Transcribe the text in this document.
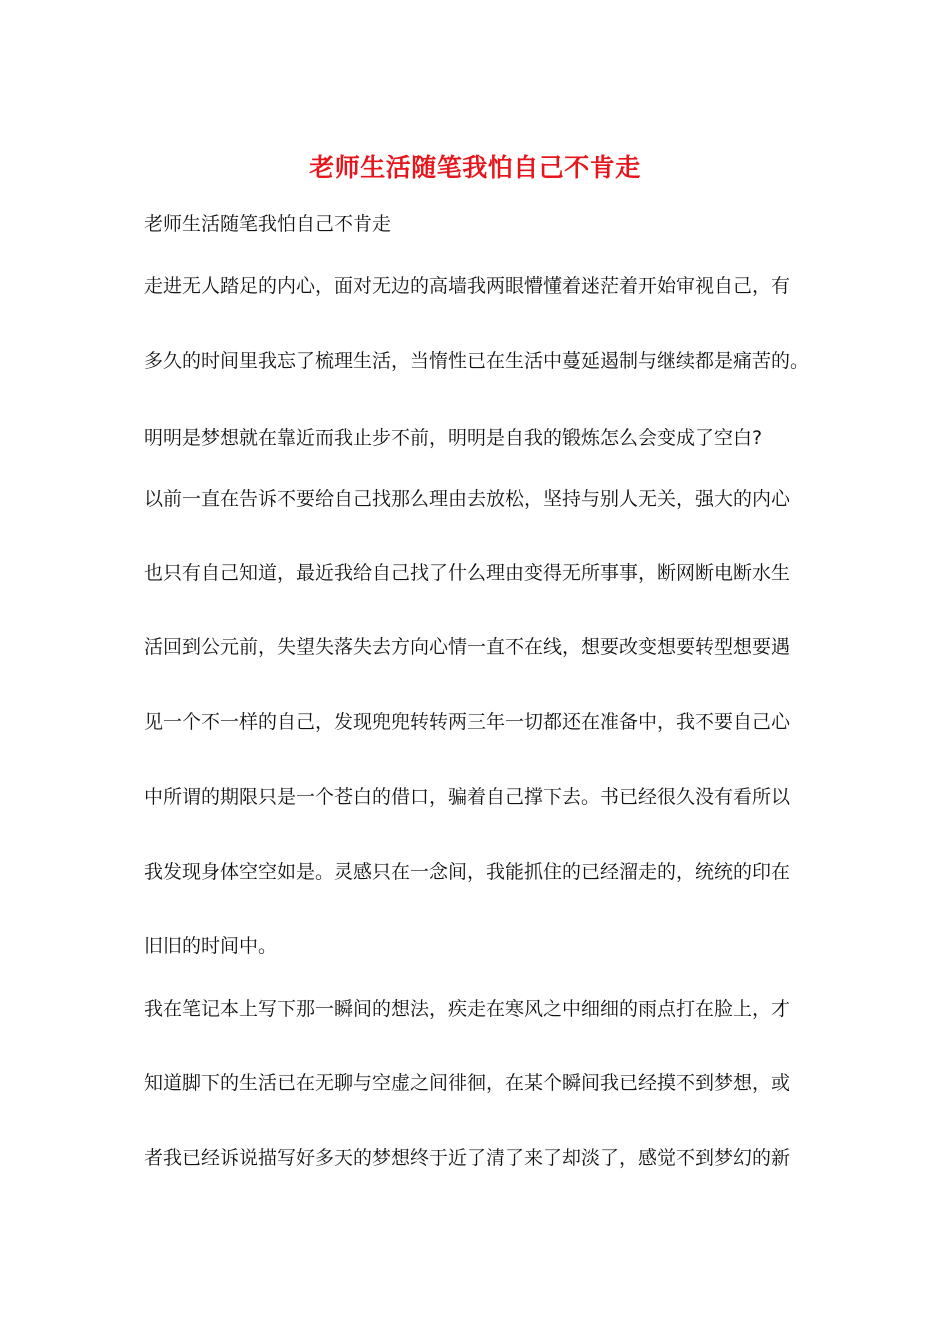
老师生活随笔我怕自己不肯走

老师生活随笔我怕自己不肯走

走进无人踏足的内心，面对无边的高墙我两眼懵懂着迷茫着开始审视自己，有

多久的时间里我忘了梳理生活，当惰性已在生活中蔓延遏制与继续都是痛苦的。

明明是梦想就在靠近而我止步不前，明明是自我的锻炼怎么会变成了空白?

以前一直在告诉不要给自己找那么理由去放松，坚持与别人无关，强大的内心

也只有自己知道，最近我给自己找了什么理由变得无所事事，断网断电断水生

活回到公元前，失望失落失去方向心情一直不在线，想要改变想要转型想要遇

见一个不一样的自己，发现兜兜转转两三年一切都还在准备中，我不要自己心

中所谓的期限只是一个苍白的借口，骗着自己撑下去。书已经很久没有看所以

我发现身体空空如是。灵感只在一念间，我能抓住的已经溜走的，统统的印在

旧旧的时间中。

我在笔记本上写下那一瞬间的想法，疾走在寒风之中细细的雨点打在脸上，才

知道脚下的生活已在无聊与空虚之间徘徊，在某个瞬间我已经摸不到梦想，或

者我已经诉说描写好多天的梦想终于近了清了来了却淡了，感觉不到梦幻的新
